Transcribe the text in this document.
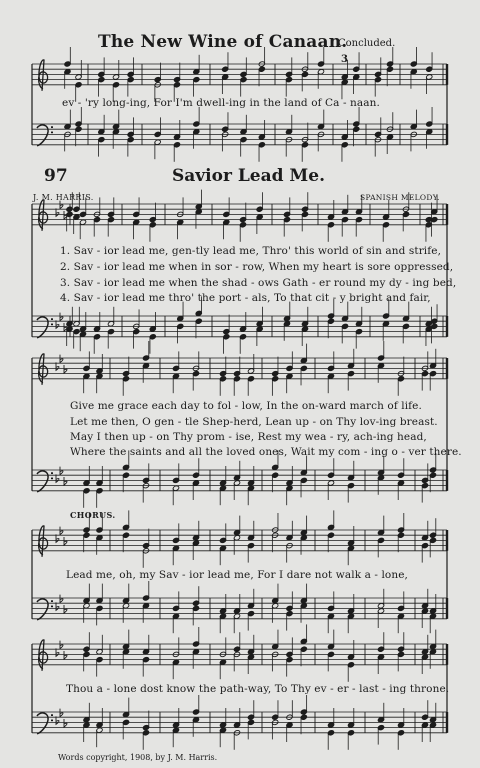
The New Wine of Canaan.
Concluded.
3
ev - 'ry long-ing, For I'm dwell-ing in the land of Ca - naan.
97	Savior Lead Me.
J. M. HARRIS.	SPANISH MELODY.
1. Sav - ior lead me, gen-tly lead me, Thro' this world of sin and strife,
2. Sav - ior lead me when in sor - row, When my heart is sore oppressed,
3. Sav - ior lead me when the shad - ows Gath - er round my dy - ing bed,
4. Sav - ior lead me thro' the port - als, To that cit - y bright and fair,
Give me grace each day to fol - low, In the on-ward march of life.
Let me then, O gen - tle Shep-herd, Lean up - on Thy lov-ing breast.
May I then up - on Thy prom - ise, Rest my wea - ry, ach-ing head,
Where the saints and all the loved ones, Wait my com - ing o - ver there.
CHORUS.
Lead me, oh, my Sav - ior lead me, For I dare not walk a - lone,
Thou a - lone dost know the path-way, To Thy ev - er - last - ing throne.
Words copyright, 1908, by J. M. Harris.
